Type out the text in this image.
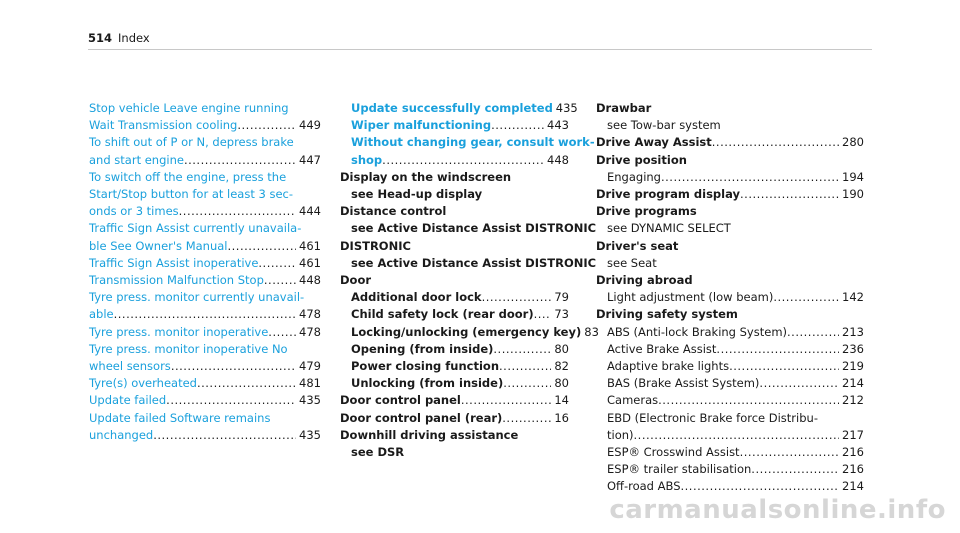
514 Index
Stop vehicle Leave engine running
Wait Transmission cooling .....	449
To shift out of P or N, depress brake
and start engine .....	447
To switch off the engine, press the
Start/Stop button for at least 3 sec-
onds or 3 times .....	444
Traffic Sign Assist currently unavaila-
ble See Owner's Manual .....	461
Traffic Sign Assist inoperative .....	461
Transmission Malfunction Stop .....	448
Tyre press. monitor currently unavail-
able .....	478
Tyre press. monitor inoperative .....	478
Tyre press. monitor inoperative No
wheel sensors .....	479
Tyre(s) overheated .....	481
Update failed .....	435
Update failed Software remains
unchanged .....	435
Update successfully completed 435
Wiper malfunctioning .....	443
Without changing gear, consult work-
shop .....	448
Display on the windscreen
see Head-up display
Distance control
see Active Distance Assist DISTRONIC
DISTRONIC
see Active Distance Assist DISTRONIC
Door
Additional door lock .....	79
Child safety lock (rear door) ..... 73
Locking/unlocking (emergency key) 83
Opening (from inside) .....	80
Power closing function .....	82
Unlocking (from inside) .....	80
Door control panel .....	14
Door control panel (rear) .....	16
Downhill driving assistance
see DSR
Drawbar
see Tow-bar system
Drive Away Assist .....	280
Drive position
Engaging .....	194
Drive program display .....	190
Drive programs
see DYNAMIC SELECT
Driver's seat
see Seat
Driving abroad
Light adjustment (low beam) .....	142
Driving safety system
ABS (Anti-lock Braking System) .....	213
Active Brake Assist .....	236
Adaptive brake lights .....	219
BAS (Brake Assist System) .....	214
Cameras .....	212
EBD (Electronic Brake force Distribu-
tion) .....	217
ESP® Crosswind Assist .....	216
ESP® trailer stabilisation .....	216
Off-road ABS .....	214
carmanualsonline.info
